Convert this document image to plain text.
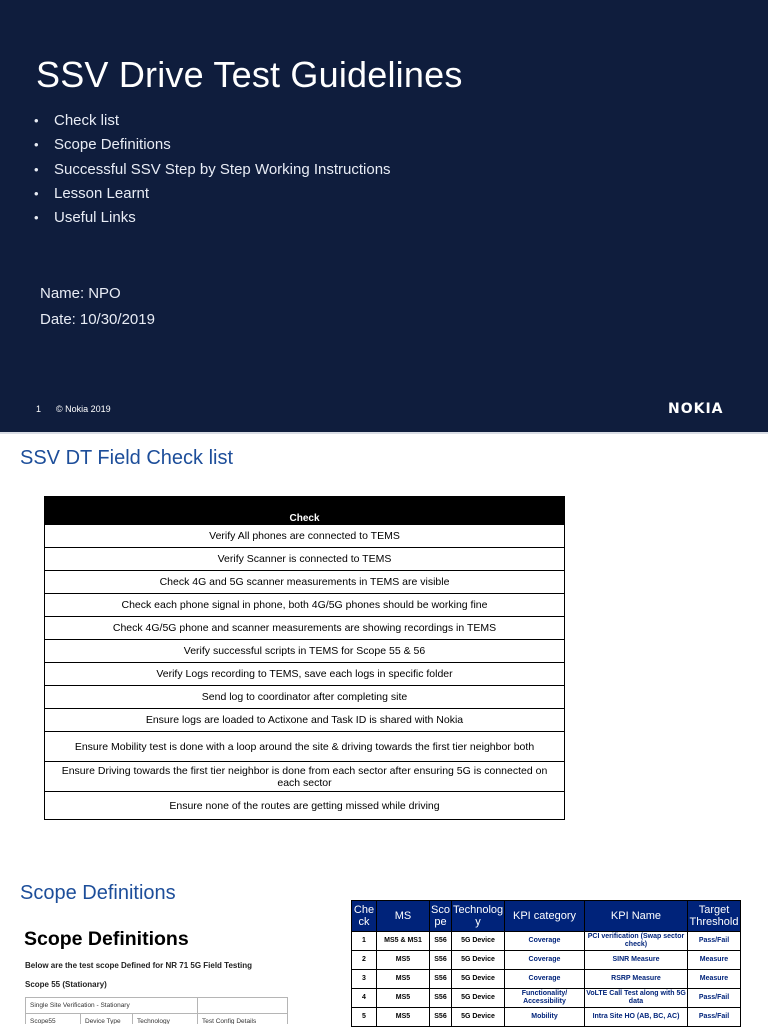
SSV Drive Test Guidelines
• Check list
• Scope Definitions
• Successful SSV Step by Step Working Instructions
• Lesson Learnt
• Useful Links
Name: NPO
Date: 10/30/2019
1 © Nokia 2019	NOKIA
SSV DT Field Check list
Check
Verify All phones are connected to TEMS
Verify Scanner is connected to TEMS
Check 4G and 5G scanner measurements in TEMS are visible
Check each phone signal in phone, both 4G/5G phones should be working fine
Check 4G/5G phone and scanner measurements are showing recordings in TEMS
Verify successful scripts in TEMS for Scope 55 & 56
Verify Logs recording to TEMS, save each logs in specific folder
Send log to coordinator after completing site
Ensure logs are loaded to Actixone and Task ID is shared with Nokia
Ensure Mobility test is done with a loop around the site & driving towards the first tier neighbor both
Ensure Driving towards the first tier neighbor is done from each sector after ensuring 5G is connected on each sector
Ensure none of the routes are getting missed while driving
Scope Definitions
Scope Definitions
Below are the test scope Defined for NR 71 5G Field Testing
Scope 55 (Stationary)
Single Site Verification - Stationary			
Scope55	Device Type	Technology	Test Config Details
Che ck	MS	Sco pe	Technolog y	KPI category	KPI Name	Target Threshold
1	MS5 & MS1	S56	5G Device	Coverage	PCI verification (Swap sector check)	Pass/Fail
2	MS5	S56	5G Device	Coverage	SINR Measure	Measure
3	MS5	S56	5G Device	Coverage	RSRP Measure	Measure
4	MS5	S56	5G Device	Functionality/ Accessibility	VoLTE Call Test along with 5G data	Pass/Fail
5	MS5	S56	5G Device	Mobility	Intra Site HO (AB, BC, AC)	Pass/Fail
